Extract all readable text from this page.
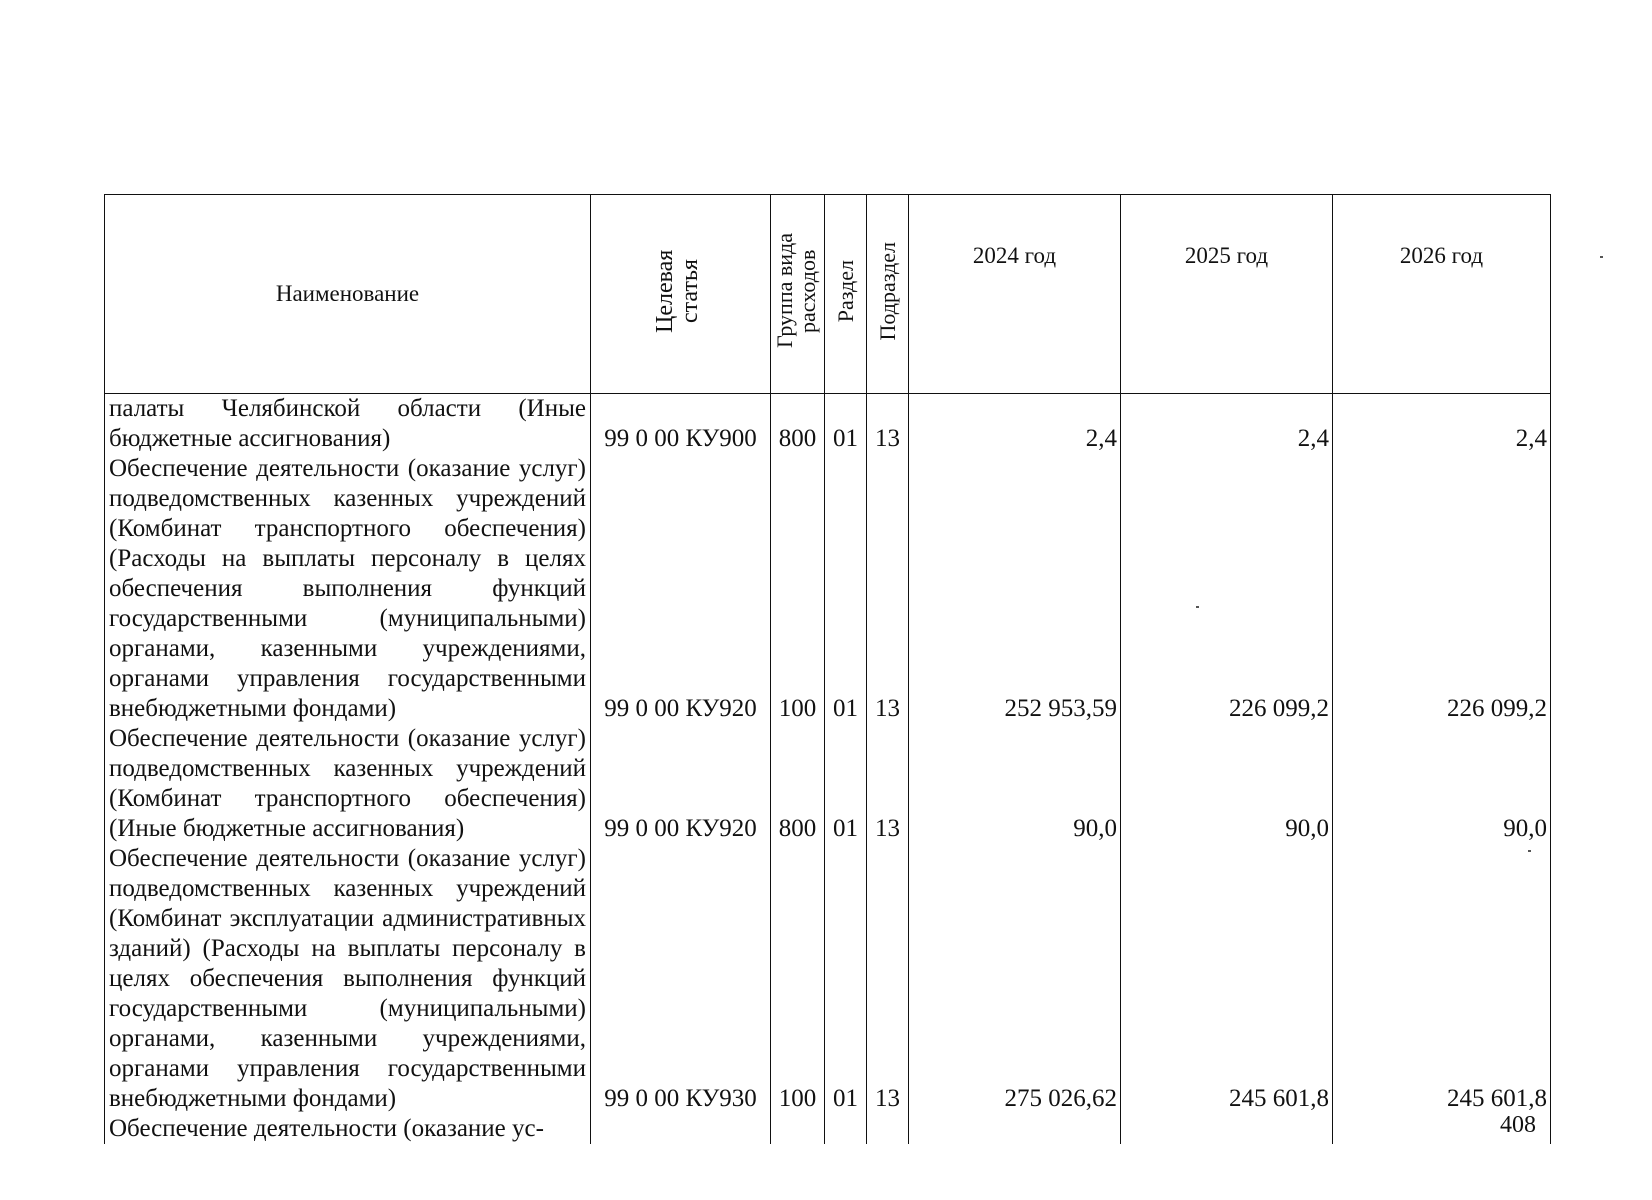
Наименование	Целевая статья	Группа вида расходов	Раздел	Подраздел	2024 год	2025 год	2026 год

палаты Челябинской области (Иные бюджетные ассигнования)	99 0 00 КУ900	800	01	13	2,4	2,4	2,4

Обеспечение деятельности (оказание услуг) подведомственных казенных учреждений (Комбинат транспортного обеспечения) (Расходы на выплаты персоналу в целях обеспечения выполнения функций государственными (муниципальными) органами, казенными учреждениями, органами управления государственными внебюджетными фондами)	99 0 00 КУ920	100	01	13	252 953,59	226 099,2	226 099,2

Обеспечение деятельности (оказание услуг) подведомственных казенных учреждений (Комбинат транспортного обеспечения) (Иные бюджетные ассигнования)	99 0 00 КУ920	800	01	13	90,0	90,0	90,0

Обеспечение деятельности (оказание услуг) подведомственных казенных учреждений (Комбинат эксплуатации административных зданий) (Расходы на выплаты персоналу в целях обеспечения выполнения функций государственными (муниципальными) органами, казенными учреждениями, органами управления государственными внебюджетными фондами)	99 0 00 КУ930	100	01	13	275 026,62	245 601,8	245 601,8

Обеспечение деятельности (оказание ус-							
								408
